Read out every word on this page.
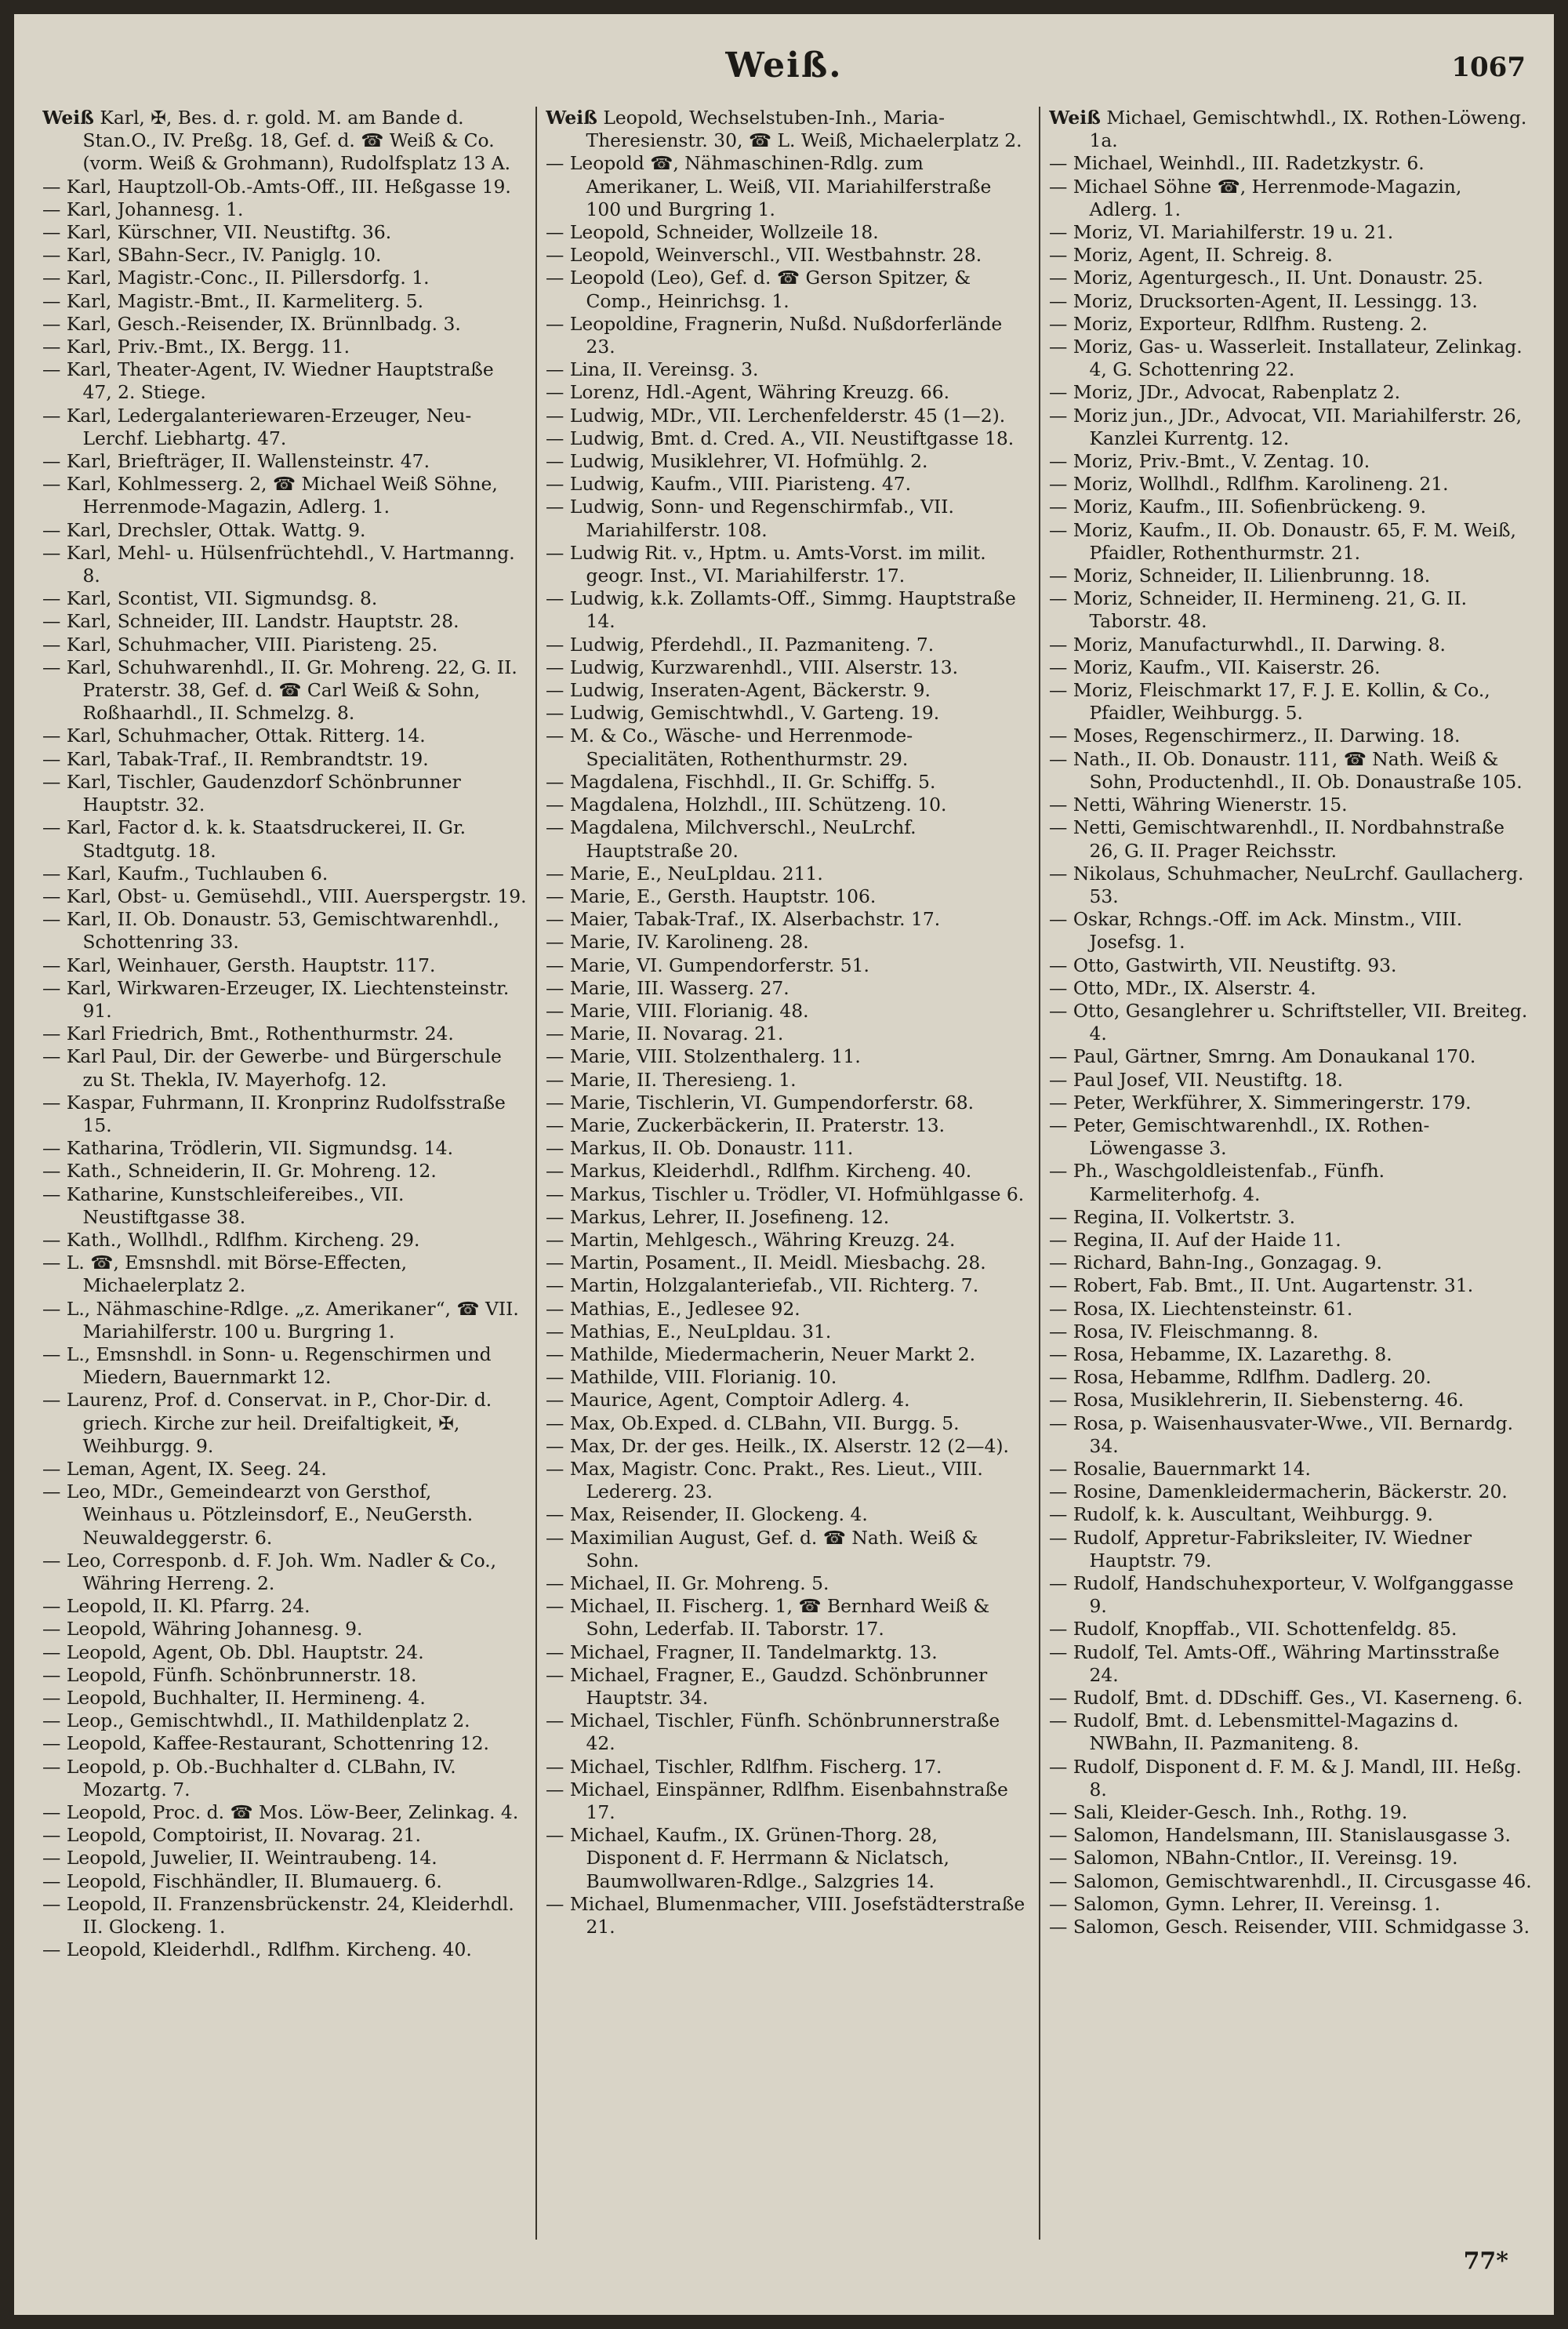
Weiß.	1067

Weiß Karl, ✠, Bes. d. r. gold. M. am Bande d. Stan.O., IV. Preßg. 18, Gef. d. ☎ Weiß & Co. (vorm. Weiß & Grohmann), Rudolfsplatz 13 A.

— Karl, Hauptzoll-Ob.-Amts-Off., III. Heßgasse 19.

— Karl, Johannesg. 1.

— Karl, Kürschner, VII. Neustiftg. 36.

— Karl, SBahn-Secr., IV. Paniglg. 10.

— Karl, Magistr.-Conc., II. Pillersdorfg. 1.

— Karl, Magistr.-Bmt., II. Karmeliterg. 5.

— Karl, Gesch.-Reisender, IX. Brünnlbadg. 3.

— Karl, Priv.-Bmt., IX. Bergg. 11.

— Karl, Theater-Agent, IV. Wiedner Hauptstraße 47, 2. Stiege.

— Karl, Ledergalanteriewaren-Erzeuger, Neu-Lerchf. Liebhartg. 47.

— Karl, Briefträger, II. Wallensteinstr. 47.

— Karl, Kohlmesserg. 2, ☎ Michael Weiß Söhne, Herrenmode-Magazin, Adlerg. 1.

— Karl, Drechsler, Ottak. Wattg. 9.

— Karl, Mehl- u. Hülsenfrüchtehdl., V. Hartmanng. 8.

— Karl, Scontist, VII. Sigmundsg. 8.

— Karl, Schneider, III. Landstr. Hauptstr. 28.

— Karl, Schuhmacher, VIII. Piaristeng. 25.

— Karl, Schuhwarenhdl., II. Gr. Mohreng. 22, G. II. Praterstr. 38, Gef. d. ☎ Carl Weiß & Sohn, Roßhaarhdl., II. Schmelzg. 8.

— Karl, Schuhmacher, Ottak. Ritterg. 14.

— Karl, Tabak-Traf., II. Rembrandtstr. 19.

— Karl, Tischler, Gaudenzdorf Schönbrunner Hauptstr. 32.

— Karl, Factor d. k. k. Staatsdruckerei, II. Gr. Stadtgutg. 18.

— Karl, Kaufm., Tuchlauben 6.

— Karl, Obst- u. Gemüsehdl., VIII. Auerspergstr. 19.

— Karl, II. Ob. Donaustr. 53, Gemischtwarenhdl., Schottenring 33.

— Karl, Weinhauer, Gersth. Hauptstr. 117.

— Karl, Wirkwaren-Erzeuger, IX. Liechtensteinstr. 91.

— Karl Friedrich, Bmt., Rothenthurmstr. 24.

— Karl Paul, Dir. der Gewerbe- und Bürgerschule zu St. Thekla, IV. Mayerhofg. 12.

— Kaspar, Fuhrmann, II. Kronprinz Rudolfsstraße 15.

— Katharina, Trödlerin, VII. Sigmundsg. 14.

— Kath., Schneiderin, II. Gr. Mohreng. 12.

— Katharine, Kunstschleifereibes., VII. Neustiftgasse 38.

— Kath., Wollhdl., Rdlfhm. Kircheng. 29.

— L. ☎, Emsnshdl. mit Börse-Effecten, Michaelerplatz 2.

— L., Nähmaschine-Rdlge. „z. Amerikaner“, ☎ VII. Mariahilferstr. 100 u. Burgring 1.

— L., Emsnshdl. in Sonn- u. Regenschirmen und Miedern, Bauernmarkt 12.

— Laurenz, Prof. d. Conservat. in P., Chor-Dir. d. griech. Kirche zur heil. Dreifaltigkeit, ✠, Weihburgg. 9.

— Leman, Agent, IX. Seeg. 24.

— Leo, MDr., Gemeindearzt von Gersthof, Weinhaus u. Pötzleinsdorf, E., NeuGersth. Neuwaldeggerstr. 6.

— Leo, Corresponb. d. F. Joh. Wm. Nadler & Co., Währing Herreng. 2.

— Leopold, II. Kl. Pfarrg. 24.

— Leopold, Währing Johannesg. 9.

— Leopold, Agent, Ob. Dbl. Hauptstr. 24.

— Leopold, Fünfh. Schönbrunnerstr. 18.

— Leopold, Buchhalter, II. Hermineng. 4.

— Leop., Gemischtwhdl., II. Mathildenplatz 2.

— Leopold, Kaffee-Restaurant, Schottenring 12.

— Leopold, p. Ob.-Buchhalter d. CLBahn, IV. Mozartg. 7.

— Leopold, Proc. d. ☎ Mos. Löw-Beer, Zelinkag. 4.

— Leopold, Comptoirist, II. Novarag. 21.

— Leopold, Juwelier, II. Weintraubeng. 14.

— Leopold, Fischhändler, II. Blumauerg. 6.

— Leopold, II. Franzensbrückenstr. 24, Kleiderhdl. II. Glockeng. 1.

— Leopold, Kleiderhdl., Rdlfhm. Kircheng. 40.

Weiß Leopold, Wechselstuben-Inh., Maria-Theresienstr. 30, ☎ L. Weiß, Michaelerplatz 2.

— Leopold ☎, Nähmaschinen-Rdlg. zum Amerikaner, L. Weiß, VII. Mariahilferstraße 100 und Burgring 1.

— Leopold, Schneider, Wollzeile 18.

— Leopold, Weinverschl., VII. Westbahnstr. 28.

— Leopold (Leo), Gef. d. ☎ Gerson Spitzer, & Comp., Heinrichsg. 1.

— Leopoldine, Fragnerin, Nußd. Nußdorferlände 23.

— Lina, II. Vereinsg. 3.

— Lorenz, Hdl.-Agent, Währing Kreuzg. 66.

— Ludwig, MDr., VII. Lerchenfelderstr. 45 (1—2).

— Ludwig, Bmt. d. Cred. A., VII. Neustiftgasse 18.

— Ludwig, Musiklehrer, VI. Hofmühlg. 2.

— Ludwig, Kaufm., VIII. Piaristeng. 47.

— Ludwig, Sonn- und Regenschirmfab., VII. Mariahilferstr. 108.

— Ludwig Rit. v., Hptm. u. Amts-Vorst. im milit. geogr. Inst., VI. Mariahilferstr. 17.

— Ludwig, k.k. Zollamts-Off., Simmg. Hauptstraße 14.

— Ludwig, Pferdehdl., II. Pazmaniteng. 7.

— Ludwig, Kurzwarenhdl., VIII. Alserstr. 13.

— Ludwig, Inseraten-Agent, Bäckerstr. 9.

— Ludwig, Gemischtwhdl., V. Garteng. 19.

— M. & Co., Wäsche- und Herrenmode-Specialitäten, Rothenthurmstr. 29.

— Magdalena, Fischhdl., II. Gr. Schiffg. 5.

— Magdalena, Holzhdl., III. Schützeng. 10.

— Magdalena, Milchverschl., NeuLrchf. Hauptstraße 20.

— Marie, E., NeuLpldau. 211.

— Marie, E., Gersth. Hauptstr. 106.

— Maier, Tabak-Traf., IX. Alserbachstr. 17.

— Marie, IV. Karolineng. 28.

— Marie, VI. Gumpendorferstr. 51.

— Marie, III. Wasserg. 27.

— Marie, VIII. Florianig. 48.

— Marie, II. Novarag. 21.

— Marie, VIII. Stolzenthalerg. 11.

— Marie, II. Theresieng. 1.

— Marie, Tischlerin, VI. Gumpendorferstr. 68.

— Marie, Zuckerbäckerin, II. Praterstr. 13.

— Markus, II. Ob. Donaustr. 111.

— Markus, Kleiderhdl., Rdlfhm. Kircheng. 40.

— Markus, Tischler u. Trödler, VI. Hofmühlgasse 6.

— Markus, Lehrer, II. Josefineng. 12.

— Martin, Mehlgesch., Währing Kreuzg. 24.

— Martin, Posament., II. Meidl. Miesbachg. 28.

— Martin, Holzgalanteriefab., VII. Richterg. 7.

— Mathias, E., Jedlesee 92.

— Mathias, E., NeuLpldau. 31.

— Mathilde, Miedermacherin, Neuer Markt 2.

— Mathilde, VIII. Florianig. 10.

— Maurice, Agent, Comptoir Adlerg. 4.

— Max, Ob.Exped. d. CLBahn, VII. Burgg. 5.

— Max, Dr. der ges. Heilk., IX. Alserstr. 12 (2—4).

— Max, Magistr. Conc. Prakt., Res. Lieut., VIII. Ledererg. 23.

— Max, Reisender, II. Glockeng. 4.

— Maximilian August, Gef. d. ☎ Nath. Weiß & Sohn.

— Michael, II. Gr. Mohreng. 5.

— Michael, II. Fischerg. 1, ☎ Bernhard Weiß & Sohn, Lederfab. II. Taborstr. 17.

— Michael, Fragner, II. Tandelmarktg. 13.

— Michael, Fragner, E., Gaudzd. Schönbrunner Hauptstr. 34.

— Michael, Tischler, Fünfh. Schönbrunnerstraße 42.

— Michael, Tischler, Rdlfhm. Fischerg. 17.

— Michael, Einspänner, Rdlfhm. Eisenbahnstraße 17.

— Michael, Kaufm., IX. Grünen-Thorg. 28, Disponent d. F. Herrmann & Niclatsch, Baumwollwaren-Rdlge., Salzgries 14.

— Michael, Blumenmacher, VIII. Josefstädterstraße 21.

Weiß Michael, Gemischtwhdl., IX. Rothen-Löweng. 1a.

— Michael, Weinhdl., III. Radetzkystr. 6.

— Michael Söhne ☎, Herrenmode-Magazin, Adlerg. 1.

— Moriz, VI. Mariahilferstr. 19 u. 21.

— Moriz, Agent, II. Schreig. 8.

— Moriz, Agenturgesch., II. Unt. Donaustr. 25.

— Moriz, Drucksorten-Agent, II. Lessingg. 13.

— Moriz, Exporteur, Rdlfhm. Rusteng. 2.

— Moriz, Gas- u. Wasserleit. Installateur, Zelinkag. 4, G. Schottenring 22.

— Moriz, JDr., Advocat, Rabenplatz 2.

— Moriz jun., JDr., Advocat, VII. Mariahilferstr. 26, Kanzlei Kurrentg. 12.

— Moriz, Priv.-Bmt., V. Zentag. 10.

— Moriz, Wollhdl., Rdlfhm. Karolineng. 21.

— Moriz, Kaufm., III. Sofienbrückeng. 9.

— Moriz, Kaufm., II. Ob. Donaustr. 65, F. M. Weiß, Pfaidler, Rothenthurmstr. 21.

— Moriz, Schneider, II. Lilienbrunng. 18.

— Moriz, Schneider, II. Hermineng. 21, G. II. Taborstr. 48.

— Moriz, Manufacturwhdl., II. Darwing. 8.

— Moriz, Kaufm., VII. Kaiserstr. 26.

— Moriz, Fleischmarkt 17, F. J. E. Kollin, & Co., Pfaidler, Weihburgg. 5.

— Moses, Regenschirmerz., II. Darwing. 18.

— Nath., II. Ob. Donaustr. 111, ☎ Nath. Weiß & Sohn, Productenhdl., II. Ob. Donaustraße 105.

— Netti, Währing Wienerstr. 15.

— Netti, Gemischtwarenhdl., II. Nordbahnstraße 26, G. II. Prager Reichsstr.

— Nikolaus, Schuhmacher, NeuLrchf. Gaullacherg. 53.

— Oskar, Rchngs.-Off. im Ack. Minstm., VIII. Josefsg. 1.

— Otto, Gastwirth, VII. Neustiftg. 93.

— Otto, MDr., IX. Alserstr. 4.

— Otto, Gesanglehrer u. Schriftsteller, VII. Breiteg. 4.

— Paul, Gärtner, Smrng. Am Donaukanal 170.

— Paul Josef, VII. Neustiftg. 18.

— Peter, Werkführer, X. Simmeringerstr. 179.

— Peter, Gemischtwarenhdl., IX. Rothen-Löwengasse 3.

— Ph., Waschgoldleistenfab., Fünfh. Karmeliterhofg. 4.

— Regina, II. Volkertstr. 3.

— Regina, II. Auf der Haide 11.

— Richard, Bahn-Ing., Gonzagag. 9.

— Robert, Fab. Bmt., II. Unt. Augartenstr. 31.

— Rosa, IX. Liechtensteinstr. 61.

— Rosa, IV. Fleischmanng. 8.

— Rosa, Hebamme, IX. Lazarethg. 8.

— Rosa, Hebamme, Rdlfhm. Dadlerg. 20.

— Rosa, Musiklehrerin, II. Siebensterng. 46.

— Rosa, p. Waisenhausvater-Wwe., VII. Bernardg. 34.

— Rosalie, Bauernmarkt 14.

— Rosine, Damenkleidermacherin, Bäckerstr. 20.

— Rudolf, k. k. Auscultant, Weihburgg. 9.

— Rudolf, Appretur-Fabriksleiter, IV. Wiedner Hauptstr. 79.

— Rudolf, Handschuhexporteur, V. Wolfganggasse 9.

— Rudolf, Knopffab., VII. Schottenfeldg. 85.

— Rudolf, Tel. Amts-Off., Währing Martinsstraße 24.

— Rudolf, Bmt. d. DDschiff. Ges., VI. Kaserneng. 6.

— Rudolf, Bmt. d. Lebensmittel-Magazins d. NWBahn, II. Pazmaniteng. 8.

— Rudolf, Disponent d. F. M. & J. Mandl, III. Heßg. 8.

— Sali, Kleider-Gesch. Inh., Rothg. 19.

— Salomon, Handelsmann, III. Stanislausgasse 3.

— Salomon, NBahn-Cntlor., II. Vereinsg. 19.

— Salomon, Gemischtwarenhdl., II. Circusgasse 46.

— Salomon, Gymn. Lehrer, II. Vereinsg. 1.

— Salomon, Gesch. Reisender, VIII. Schmidgasse 3.

77*
